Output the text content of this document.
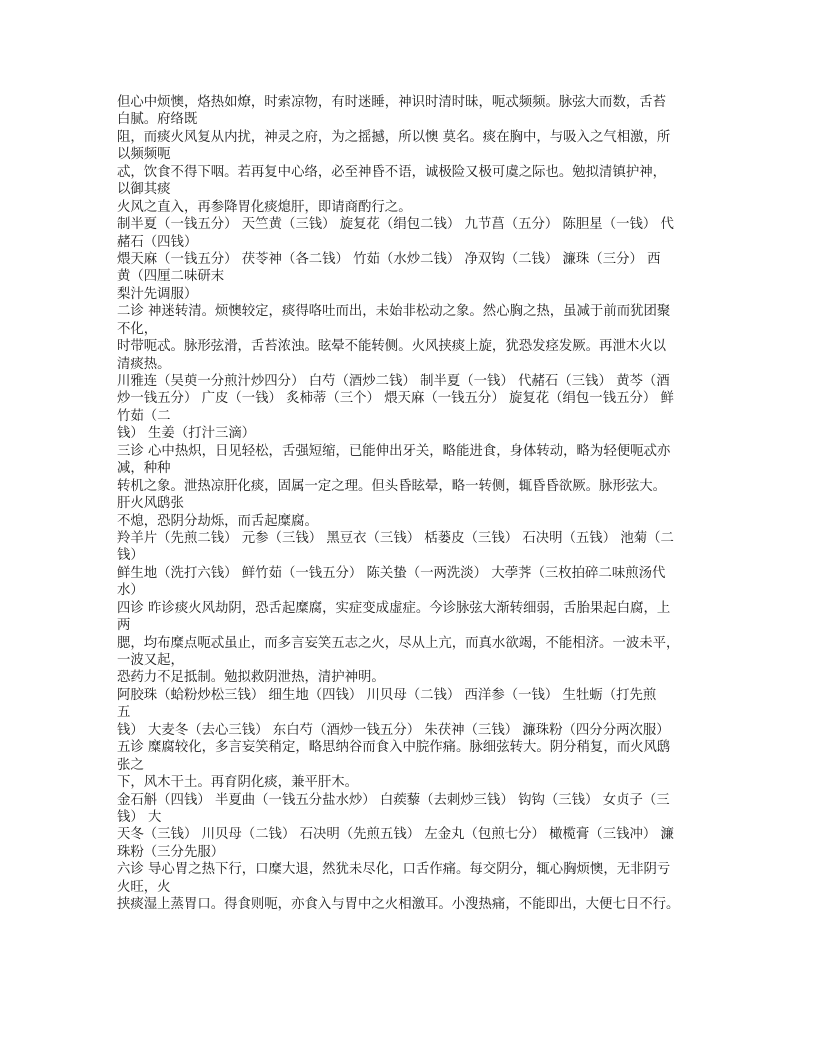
但心中烦懊，烙热如燎，时索凉物，有时迷睡，神识时清时昧，呃忒频频。脉弦大而数，舌苔
白腻。府络既
阻，而痰火风复从内扰，神灵之府，为之摇撼，所以懊 莫名。痰在胸中，与吸入之气相激，所
以频频呃
忒，饮食不得下咽。若再复中心络，必至神昏不语，诚极险又极可虞之际也。勉拟清镇护神，
以御其痰
火风之直入，再参降胃化痰熄肝，即请商酌行之。
制半夏（一钱五分） 天竺黄（三钱） 旋复花（绢包二钱） 九节菖（五分） 陈胆星（一钱） 代
赭石（四钱）
煨天麻（一钱五分） 茯苓神（各二钱） 竹茹（水炒二钱） 净双钩（二钱） 濂珠（三分） 西
黄（四厘二味研末
梨汁先调服）
二诊 神迷转清。烦懊较定，痰得咯吐而出，未始非松动之象。然心胸之热，虽减于前而犹团聚
不化，
时带呃忒。脉形弦滑，舌苔浓浊。眩晕不能转侧。火风挟痰上旋，犹恐发痉发厥。再泄木火以
清痰热。
川雅连（吴萸一分煎汁炒四分） 白芍（酒炒二钱） 制半夏（一钱） 代赭石（三钱） 黄芩（酒
炒一钱五分） 广皮（一钱） 炙柿蒂（三个） 煨天麻（一钱五分） 旋复花（绢包一钱五分） 鲜
竹茹（二
钱） 生姜（打汁三滴）
三诊 心中热炽，日见轻松，舌强短缩，已能伸出牙关，略能进食，身体转动，略为轻便呃忒亦
减，种种
转机之象。泄热凉肝化痰，固属一定之理。但头昏眩晕，略一转侧，辄昏昏欲厥。脉形弦大。
肝火风鸱张
不熄，恐阴分劫烁，而舌起糜腐。
羚羊片（先煎二钱） 元参（三钱） 黑豆衣（三钱） 栝蒌皮（三钱） 石决明（五钱） 池菊（二
钱）
鲜生地（洗打六钱） 鲜竹茹（一钱五分） 陈关蛰（一两洗淡） 大荸荠（三枚拍碎二味煎汤代
水）
四诊 昨诊痰火风劫阴，恐舌起糜腐，实症变成虚症。今诊脉弦大渐转细弱，舌胎果起白腐，上
两
腮，均布糜点呃忒虽止，而多言妄笑五志之火，尽从上亢，而真水欲竭，不能相济。一波未平，
一波又起，
恐药力不足抵制。勉拟救阴泄热，清护神明。
阿胶珠（蛤粉炒松三钱） 细生地（四钱） 川贝母（二钱） 西洋参（一钱） 生牡蛎（打先煎
五
钱） 大麦冬（去心三钱） 东白芍（酒炒一钱五分） 朱茯神（三钱） 濂珠粉（四分分两次服）
五诊 糜腐较化，多言妄笑稍定，略思纳谷而食入中脘作痛。脉细弦转大。阴分稍复，而火风鸱
张之
下，风木干土。再育阴化痰，兼平肝木。
金石斛（四钱） 半夏曲（一钱五分盐水炒） 白蒺藜（去刺炒三钱） 钩钩（三钱） 女贞子（三
钱） 大
天冬（三钱） 川贝母（二钱） 石决明（先煎五钱） 左金丸（包煎七分） 橄榄膏（三钱冲） 濂
珠粉（三分先服）
六诊 导心胃之热下行，口糜大退，然犹未尽化，口舌作痛。每交阴分，辄心胸烦懊，无非阴亏
火旺，火
挟痰湿上蒸胃口。得食则呃，亦食入与胃中之火相激耳。小溲热痛，不能即出，大便七日不行。
